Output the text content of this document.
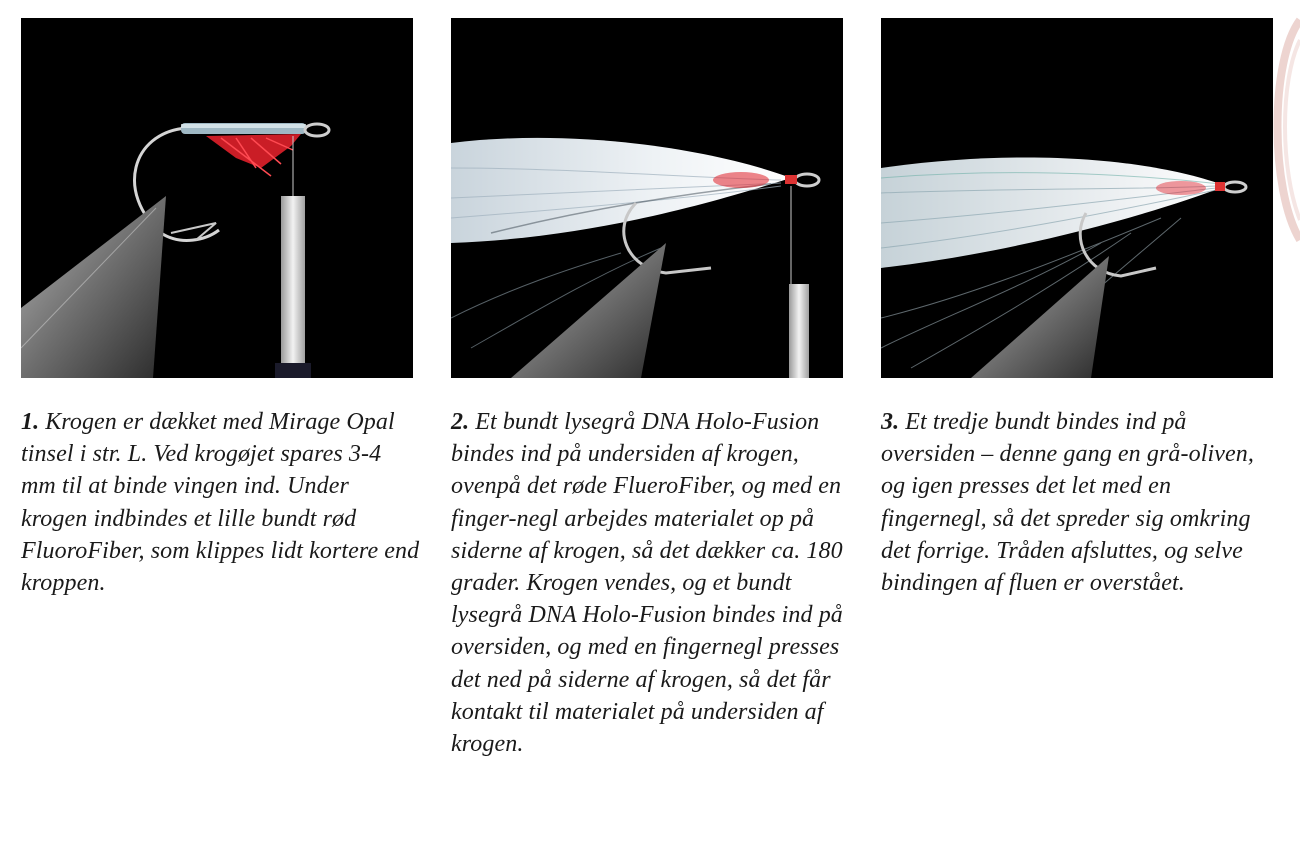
1. Krogen er dækket med Mirage Opal tinsel i str. L. Ved krogøjet spares 3-4 mm til at binde vingen ind. Under krogen indbindes et lille bundt rød FluoroFiber, som klippes lidt kortere end kroppen.
2. Et bundt lysegrå DNA Holo-Fusion bindes ind på undersiden af krogen, ovenpå det røde FlueroFiber, og med en finger-negl arbejdes materialet op på siderne af krogen, så det dækker ca. 180 grader. Krogen vendes, og et bundt lysegrå DNA Holo-Fusion bindes ind på oversiden, og med en fingernegl presses det ned på siderne af krogen, så det får kontakt til materialet på undersiden af krogen.
3. Et tredje bundt bindes ind på oversiden – denne gang en grå-oliven, og igen presses det let med en fingernegl, så det spreder sig omkring det forrige. Tråden afsluttes, og selve bindingen af fluen er overstået.
